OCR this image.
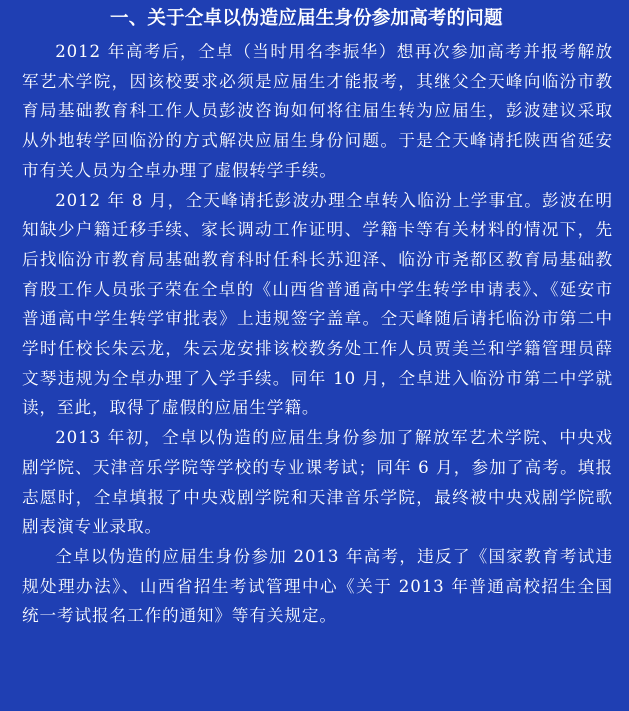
一、关于仝卓以伪造应届生身份参加高考的问题

2012 年高考后，仝卓（当时用名李振华）想再次参加高考并报考解放军艺术学院，因该校要求必须是应届生才能报考，其继父仝天峰向临汾市教育局基础教育科工作人员彭波咨询如何将往届生转为应届生，彭波建议采取从外地转学回临汾的方式解决应届生身份问题。于是仝天峰请托陕西省延安市有关人员为仝卓办理了虚假转学手续。

2012 年 8 月，仝天峰请托彭波办理仝卓转入临汾上学事宜。彭波在明知缺少户籍迁移手续、家长调动工作证明、学籍卡等有关材料的情况下，先后找临汾市教育局基础教育科时任科长苏迎泽、临汾市尧都区教育局基础教育股工作人员张子荣在仝卓的《山西省普通高中学生转学申请表》、《延安市普通高中学生转学审批表》上违规签字盖章。仝天峰随后请托临汾市第二中学时任校长朱云龙，朱云龙安排该校教务处工作人员贾美兰和学籍管理员薛文琴违规为仝卓办理了入学手续。同年 10 月，仝卓进入临汾市第二中学就读，至此，取得了虚假的应届生学籍。

2013 年初，仝卓以伪造的应届生身份参加了解放军艺术学院、中央戏剧学院、天津音乐学院等学校的专业课考试；同年 6 月，参加了高考。填报志愿时，仝卓填报了中央戏剧学院和天津音乐学院，最终被中央戏剧学院歌剧表演专业录取。

仝卓以伪造的应届生身份参加 2013 年高考，违反了《国家教育考试违规处理办法》、山西省招生考试管理中心《关于 2013 年普通高校招生全国统一考试报名工作的通知》等有关规定。
